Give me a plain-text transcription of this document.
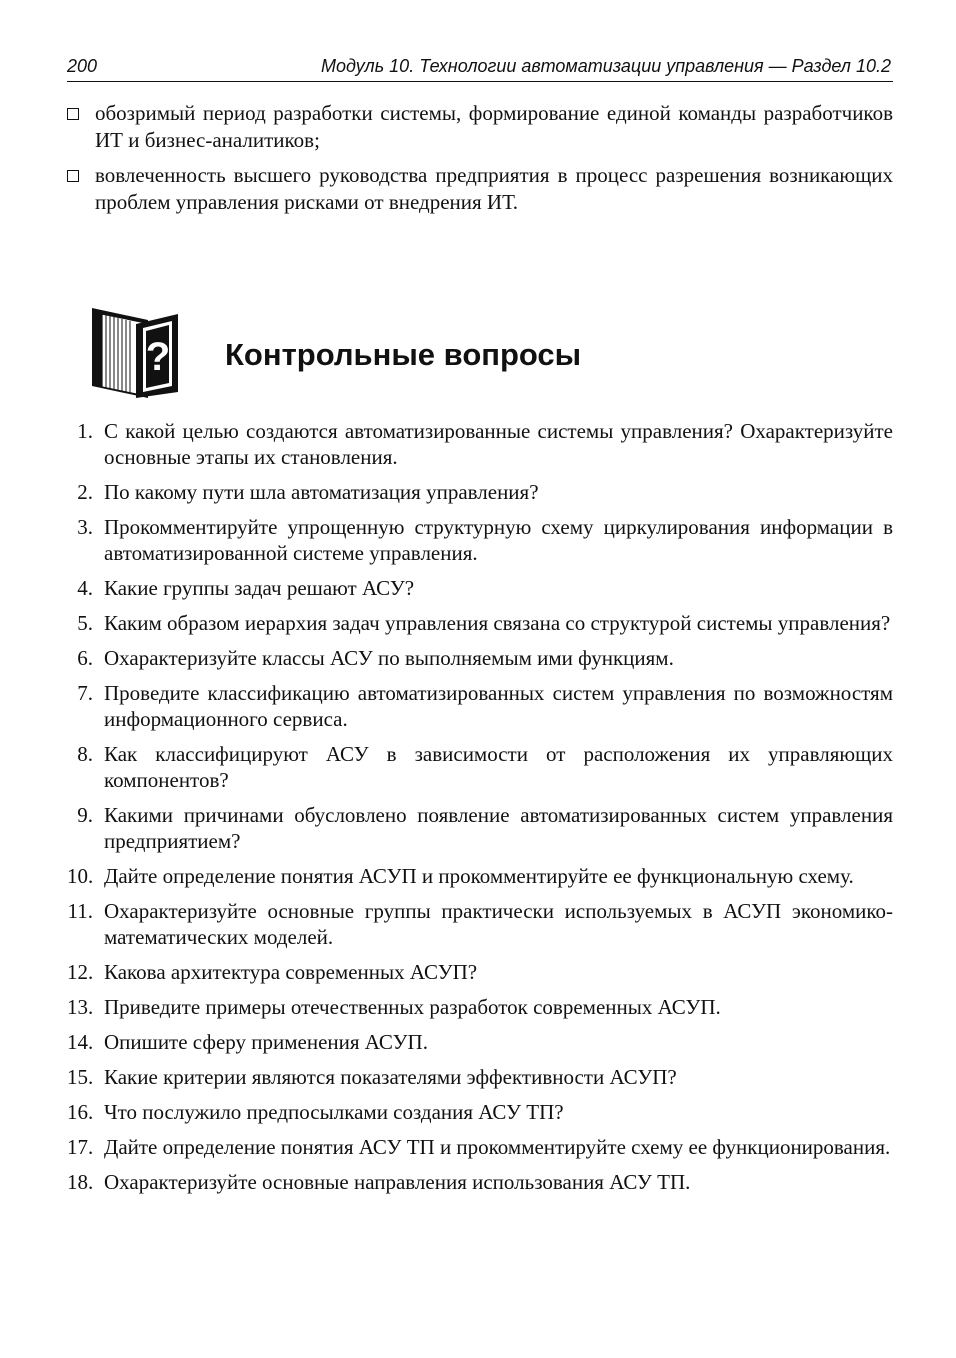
200	Модуль 10. Технологии автоматизации управления — Раздел 10.2
обозримый период разработки системы, формирование единой команды разработчиков ИТ и бизнес-аналитиков;
вовлеченность высшего руководства предприятия в процесс разрешения возникающих проблем управления рисками от внедрения ИТ.
? Контрольные вопросы
1. С какой целью создаются автоматизированные системы управления? Охарактеризуйте основные этапы их становления.
2. По какому пути шла автоматизация управления?
3. Прокомментируйте упрощенную структурную схему циркулирования информации в автоматизированной системе управления.
4. Какие группы задач решают АСУ?
5. Каким образом иерархия задач управления связана со структурой системы управления?
6. Охарактеризуйте классы АСУ по выполняемым ими функциям.
7. Проведите классификацию автоматизированных систем управления по возможностям информационного сервиса.
8. Как классифицируют АСУ в зависимости от расположения их управляющих компонентов?
9. Какими причинами обусловлено появление автоматизированных систем управления предприятием?
10. Дайте определение понятия АСУП и прокомментируйте ее функциональную схему.
11. Охарактеризуйте основные группы практически используемых в АСУП экономико-математических моделей.
12. Какова архитектура современных АСУП?
13. Приведите примеры отечественных разработок современных АСУП.
14. Опишите сферу применения АСУП.
15. Какие критерии являются показателями эффективности АСУП?
16. Что послужило предпосылками создания АСУ ТП?
17. Дайте определение понятия АСУ ТП и прокомментируйте схему ее функционирования.
18. Охарактеризуйте основные направления использования АСУ ТП.
